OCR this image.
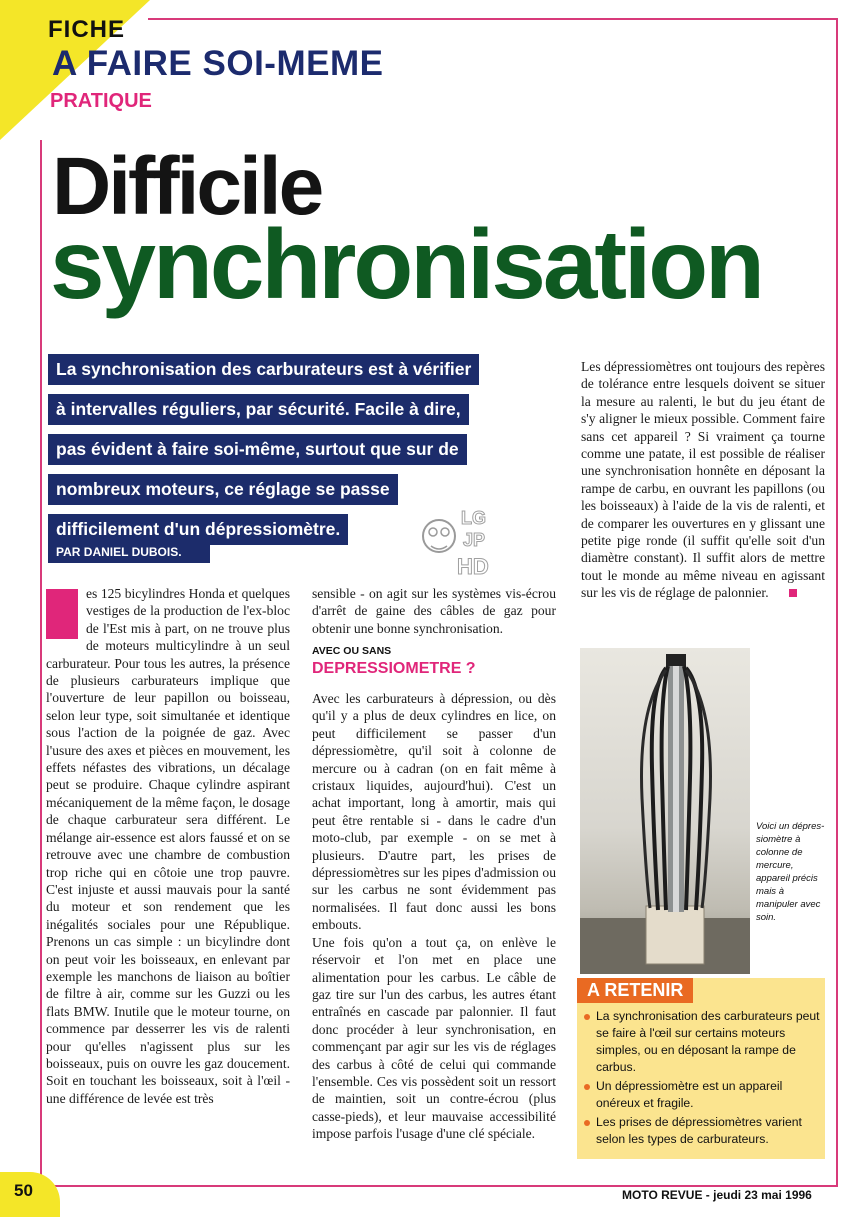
FICHE
A FAIRE SOI-MEME
PRATIQUE
Difficile
synchronisation
La synchronisation des carburateurs est à vérifier
à intervalles réguliers, par sécurité. Facile à dire,
pas évident à faire soi-même, surtout que sur de
nombreux moteurs, ce réglage se passe
difficilement d'un dépressiomètre.
PAR DANIEL DUBOIS.
LG
JP
HD
es 125 bicylindres Honda et quelques vestiges de la production de l'ex-bloc de l'Est mis à part, on ne trouve plus de moteurs multicylindre à un seul carburateur. Pour tous les autres, la présence de plusieurs carburateurs implique que l'ouverture de leur papillon ou boisseau, selon leur type, soit simultanée et identique sous l'action de la poignée de gaz. Avec l'usure des axes et pièces en mouvement, les effets néfastes des vibrations, un décalage peut se produire. Chaque cylindre aspirant mécaniquement de la même façon, le dosage de chaque carburateur sera différent. Le mélange air-essence est alors faussé et on se retrouve avec une chambre de combustion trop riche qui en côtoie une trop pauvre. C'est injuste et aussi mauvais pour la santé du moteur et son rendement que les inégalités sociales pour une République. Prenons un cas simple : un bicylindre dont on peut voir les boisseaux, en enlevant par exemple les manchons de liaison au boîtier de filtre à air, comme sur les Guzzi ou les flats BMW. Inutile que le moteur tourne, on commence par desserrer les vis de ralenti pour qu'elles n'agissent plus sur les boisseaux, puis on ouvre les gaz doucement. Soit en touchant les boisseaux, soit à l'œil - une différence de levée est très
sensible - on agit sur les systèmes vis-écrou d'arrêt de gaine des câbles de gaz pour obtenir une bonne synchronisation.
AVEC OU SANS
DEPRESSIOMETRE ?
Avec les carburateurs à dépression, ou dès qu'il y a plus de deux cylindres en lice, on peut difficilement se passer d'un dépressiomètre, qu'il soit à colonne de mercure ou à cadran (on en fait même à cristaux liquides, aujourd'hui). C'est un achat important, long à amortir, mais qui peut être rentable si - dans le cadre d'un moto-club, par exemple - on se met à plusieurs. D'autre part, les prises de dépressiomètres sur les pipes d'admission ou sur les carbus ne sont évidemment pas normalisées. Il faut donc aussi les bons embouts.
Une fois qu'on a tout ça, on enlève le réservoir et l'on met en place une alimentation pour les carbus. Le câble de gaz tire sur l'un des carbus, les autres étant entraînés en cascade par palonnier. Il faut donc procéder à leur synchronisation, en commençant par agir sur les vis de réglages des carbus à côté de celui qui commande l'ensemble. Ces vis possèdent soit un ressort de maintien, soit un contre-écrou (plus casse-pieds), et leur mauvaise accessibilité impose parfois l'usage d'une clé spéciale.
Les dépressiomètres ont toujours des repères de tolérance entre lesquels doivent se situer la mesure au ralenti, le but du jeu étant de s'y aligner le mieux possible. Comment faire sans cet appareil ? Si vraiment ça tourne comme une patate, il est possible de réaliser une synchronisation honnête en déposant la rampe de carbu, en ouvrant les papillons (ou les boisseaux) à l'aide de la vis de ralenti, et de comparer les ouvertures en y glissant une petite pige ronde (il suffit qu'elle soit d'un diamètre constant). Il suffit alors de mettre tout le monde au même niveau en agissant sur les vis de réglage de palonnier.
Voici un dépres-siomètre à colonne de mercure, appareil précis mais à manipuler avec soin.
A RETENIR
La synchronisation des carburateurs peut se faire à l'œil sur certains moteurs simples, ou en déposant la rampe de carbus.
Un dépressiomètre est un appareil onéreux et fragile.
Les prises de dépressiomètres varient selon les types de carburateurs.
50	MOTO REVUE - jeudi 23 mai 1996
